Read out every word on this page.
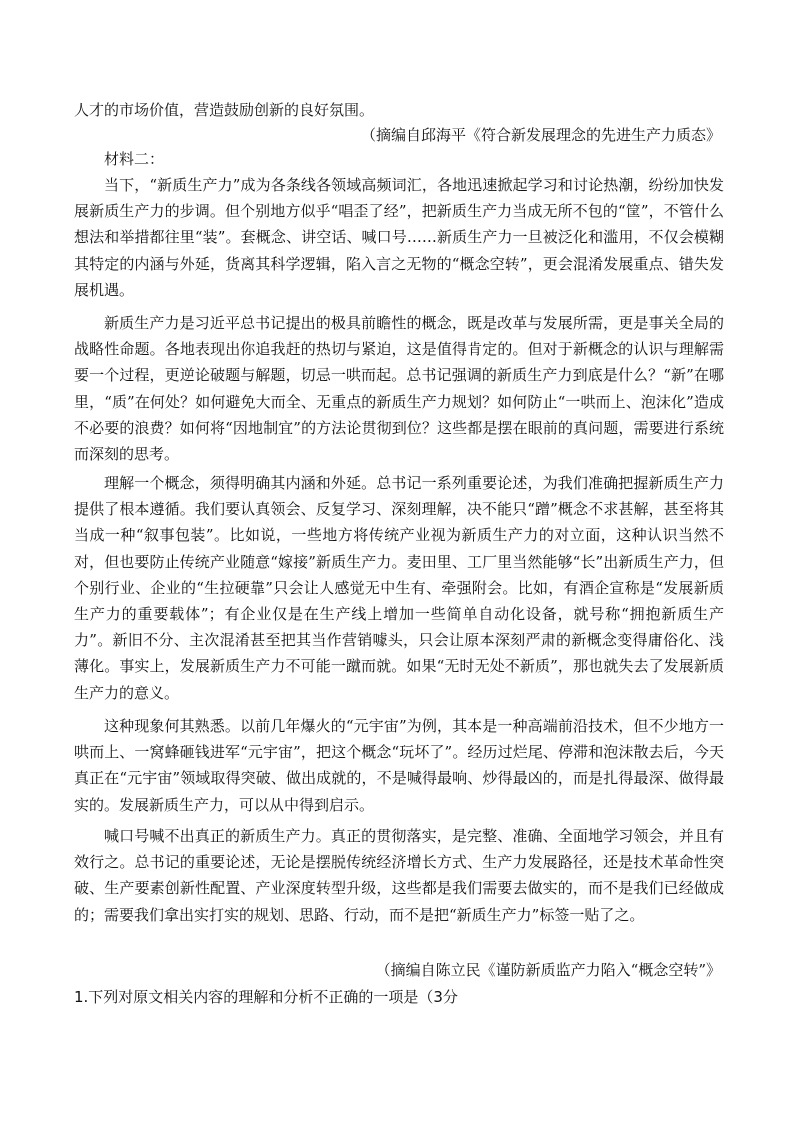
人才的市场价值，营造鼓励创新的良好氛围。
（摘编自邱海平《符合新发展理念的先进生产力质态》
材料二：
当下，“新质生产力”成为各条线各领域高频词汇，各地迅速掀起学习和讨论热潮，纷纷加快发展新质生产力的步调。但个别地方似乎“唱歪了经”，把新质生产力当成无所不包的“筐”，不管什么想法和举措都往里“装”。套概念、讲空话、喊口号……新质生产力一旦被泛化和滥用，不仅会模糊其特定的内涵与外延，货离其科学逻辑，陷入言之无物的“概念空转”，更会混淆发展重点、错失发展机遇。
新质生产力是习近平总书记提出的极具前瞻性的概念，既是改革与发展所需，更是事关全局的战略性命题。各地表现出你追我赶的热切与紧迫，这是值得肯定的。但对于新概念的认识与理解需要一个过程，更逆论破题与解题，切忌一哄而起。总书记强调的新质生产力到底是什么？“新”在哪里，“质”在何处？如何避免大而全、无重点的新质生产力规划？如何防止“一哄而上、泡沫化”造成不必要的浪费？如何将“因地制宜”的方法论贯彻到位？这些都是摆在眼前的真问题，需要进行系统而深刻的思考。
理解一个概念，须得明确其内涵和外延。总书记一系列重要论述，为我们准确把握新质生产力提供了根本遵循。我们要认真领会、反复学习、深刻理解，决不能只“蹭”概念不求甚解，甚至将其当成一种“叙事包装”。比如说，一些地方将传统产业视为新质生产力的对立面，这种认识当然不对，但也要防止传统产业随意“嫁接”新质生产力。麦田里、工厂里当然能够“长”出新质生产力，但个别行业、企业的“生拉硬靠”只会让人感觉无中生有、牵强附会。比如，有酒企宣称是“发展新质生产力的重要载体”；有企业仅是在生产线上增加一些简单自动化设备，就号称“拥抱新质生产力”。新旧不分、主次混淆甚至把其当作营销噱头，只会让原本深刻严肃的新概念变得庸俗化、浅薄化。事实上，发展新质生产力不可能一蹴而就。如果“无时无处不新质”，那也就失去了发展新质生产力的意义。
这种现象何其熟悉。以前几年爆火的“元宇宙”为例，其本是一种高端前沿技术，但不少地方一哄而上、一窝蜂砸钱进军“元宇宙”，把这个概念“玩坏了”。经历过烂尾、停滞和泡沫散去后，今天真正在“元宇宙”领域取得突破、做出成就的，不是喊得最响、炒得最凶的，而是扎得最深、做得最实的。发展新质生产力，可以从中得到启示。
喊口号喊不出真正的新质生产力。真正的贯彻落实，是完整、准确、全面地学习领会，并且有效行之。总书记的重要论述，无论是摆脱传统经济增长方式、生产力发展路径，还是技术革命性突破、生产要素创新性配置、产业深度转型升级，这些都是我们需要去做实的，而不是我们已经做成的；需要我们拿出实打实的规划、思路、行动，而不是把“新质生产力”标签一贴了之。
（摘编自陈立民《谨防新质监产力陷入“概念空转”》
1.下列对原文相关内容的理解和分析不正确的一项是（3分
